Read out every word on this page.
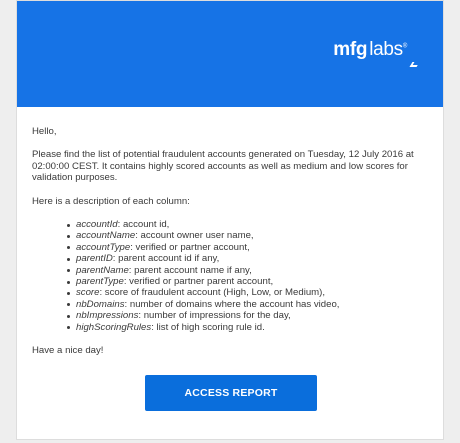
mfg labs®

Hello,

Please find the list of potential fraudulent accounts generated on Tuesday, 12 July 2016 at 02:00:00 CEST. It contains highly scored accounts as well as medium and low scores for validation purposes.

Here is a description of each column:

accountId: account id,
accountName: account owner user name,
accountType: verified or partner account,
parentID: parent account id if any,
parentName: parent account name if any,
parentType: verified or partner parent account,
score: score of fraudulent account (High, Low, or Medium),
nbDomains: number of domains where the account has video,
nbImpressions: number of impressions for the day,
highScoringRules: list of high scoring rule id.

Have a nice day!

ACCESS REPORT
